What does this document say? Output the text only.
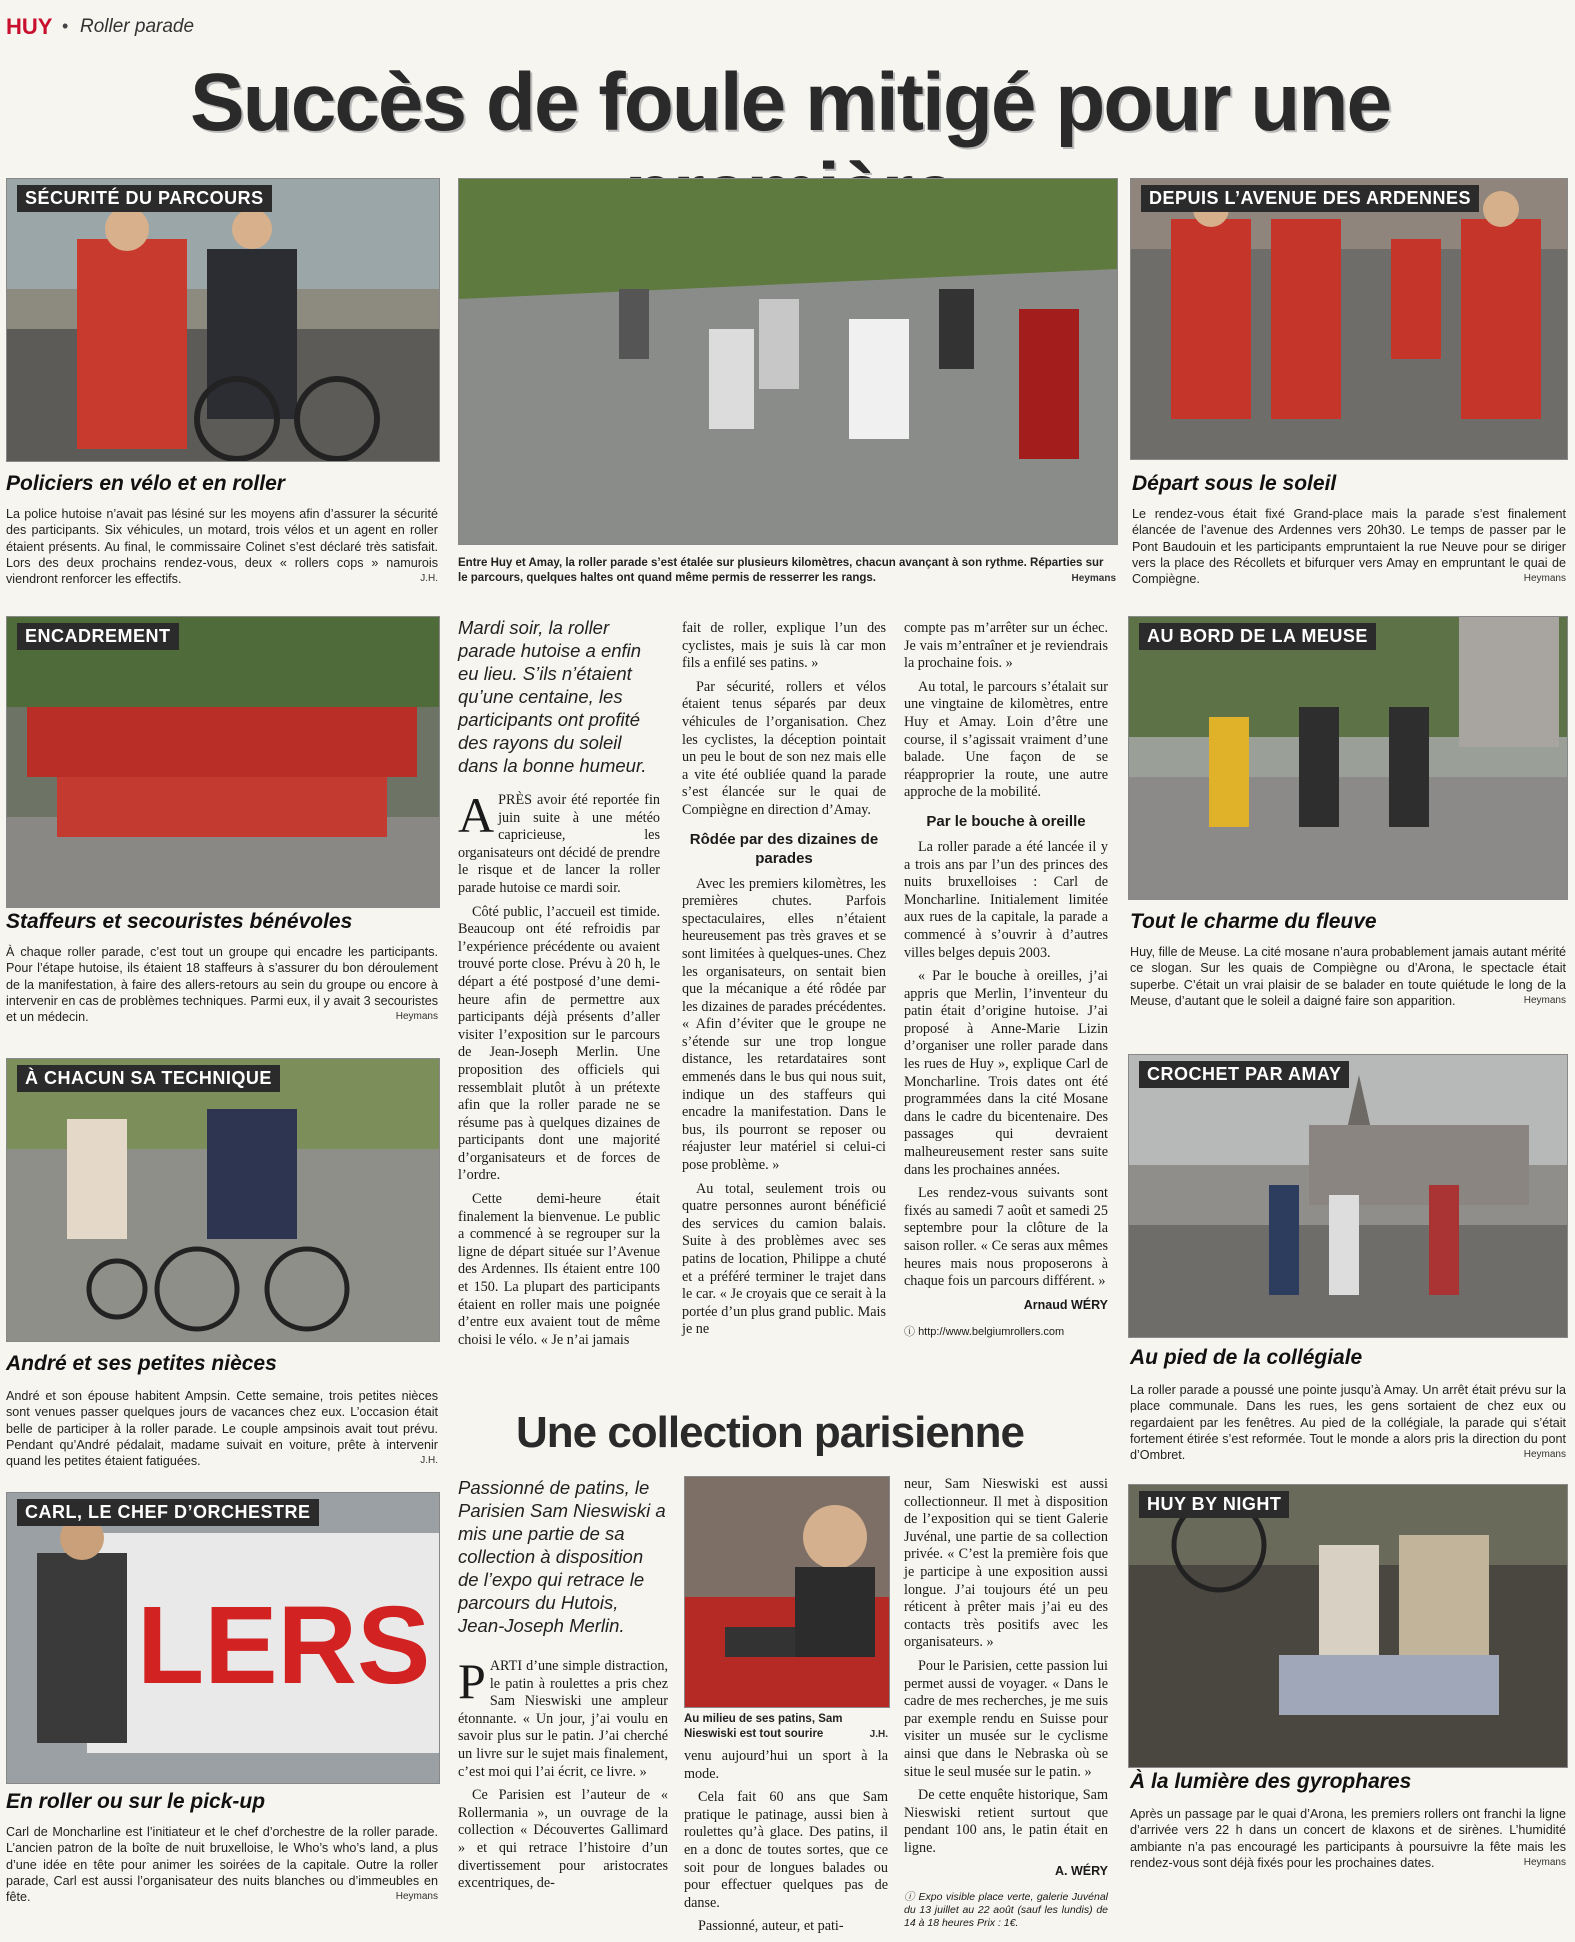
HUY • Roller parade
Succès de foule mitigé pour une
SÉCURITÉ DU PARCOURS
Policiers en vélo et en roller
La police hutoise n’avait pas lésiné sur les moyens afin d’assurer la sécurité des participants. Six véhicules, un motard, trois vélos et un agent en roller étaient présents. Au final, le commissaire Colinet s’est déclaré très satisfait. Lors des deux prochains rendez-vous, deux « rollers cops » namurois viendront renforcer les effectifs.	J.H.
Entre Huy et Amay, la roller parade s’est étalée sur plusieurs kilomètres, chacun avançant à son rythme. Réparties sur le parcours, quelques haltes ont quand même permis de resserrer les rangs.	Heymans
DEPUIS L’AVENUE DES ARDENNES
Départ sous le soleil
Le rendez-vous était fixé Grand-place mais la parade s’est finalement élancée de l’avenue des Ardennes vers 20h30. Le temps de passer par le Pont Baudouin et les participants empruntaient la rue Neuve pour se diriger vers la place des Récollets et bifurquer vers Amay en empruntant le quai de Compiègne.	Heymans
ENCADREMENT
Staffeurs et secouristes bénévoles
À chaque roller parade, c’est tout un groupe qui encadre les participants. Pour l’étape hutoise, ils étaient 18 staffeurs à s’assurer du bon déroulement de la manifestation, à faire des allers-retours au sein du groupe ou encore à intervenir en cas de problèmes techniques. Parmi eux, il y avait 3 secouristes et un médecin.	Heymans
À CHACUN SA TECHNIQUE
André et ses petites nièces
André et son épouse habitent Ampsin. Cette semaine, trois petites nièces sont venues passer quelques jours de vacances chez eux. L’occasion était belle de participer à la roller parade. Le couple ampsinois avait tout prévu. Pendant qu’André pédalait, madame suivait en voiture, prête à intervenir quand les petites étaient fatiguées.	J.H.
LERS
CARL, LE CHEF D’ORCHESTRE
En roller ou sur le pick-up
Carl de Moncharline est l’initiateur et le chef d’orchestre de la roller parade. L’ancien patron de la boîte de nuit bruxelloise, le Who’s who’s land, a plus d’une idée en tête pour animer les soirées de la capitale. Outre la roller parade, Carl est aussi l’organisateur des nuits blanches ou d’immeubles en fête.	Heymans
Mardi soir, la roller parade hutoise a enfin eu lieu. S’ils n’étaient qu’une centaine, les participants ont profité des rayons du soleil dans la bonne humeur.

APRÈS avoir été reportée fin juin suite à une météo capricieuse, les organisateurs ont décidé de prendre le risque et de lancer la roller parade hutoise ce mardi soir.

Côté public, l’accueil est timide. Beaucoup ont été refroidis par l’expérience précédente ou avaient trouvé porte close. Prévu à 20 h, le départ a été postposé d’une demi-heure afin de permettre aux participants déjà présents d’aller visiter l’exposition sur le parcours de Jean-Joseph Merlin. Une proposition des officiels qui ressemblait plutôt à un prétexte afin que la roller parade ne se résume pas à quelques dizaines de participants dont une majorité d’organisateurs et de forces de l’ordre.

Cette demi-heure était finalement la bienvenue. Le public a commencé à se regrouper sur la ligne de départ située sur l’Avenue des Ardennes. Ils étaient entre 100 et 150. La plupart des participants étaient en roller mais une poignée d’entre eux avaient tout de même choisi le vélo. « Je n’ai jamais

fait de roller, explique l’un des cyclistes, mais je suis là car mon fils a enfilé ses patins. »

Par sécurité, rollers et vélos étaient tenus séparés par deux véhicules de l’organisation. Chez les cyclistes, la déception pointait un peu le bout de son nez mais elle a vite été oubliée quand la parade s’est élancée sur le quai de Compiègne en direction d’Amay.

Rôdée par des dizaines de parades

Avec les premiers kilomètres, les premières chutes. Parfois spectaculaires, elles n’étaient heureusement pas très graves et se sont limitées à quelques-unes. Chez les organisateurs, on sentait bien que la mécanique a été rôdée par les dizaines de parades précédentes. « Afin d’éviter que le groupe ne s’étende sur une trop longue distance, les retardataires sont emmenés dans le bus qui nous suit, indique un des staffeurs qui encadre la manifestation. Dans le bus, ils pourront se reposer ou réajuster leur matériel si celui-ci pose problème. »

Au total, seulement trois ou quatre personnes auront bénéficié des services du camion balais. Suite à des problèmes avec ses patins de location, Philippe a chuté et a préféré terminer le trajet dans le car. « Je croyais que ce serait à la portée d’un plus grand public. Mais je ne

compte pas m’arrêter sur un échec. Je vais m’entraîner et je reviendrais la prochaine fois. »

Au total, le parcours s’étalait sur une vingtaine de kilomètres, entre Huy et Amay. Loin d’être une course, il s’agissait vraiment d’une balade. Une façon de se réapproprier la route, une autre approche de la mobilité.

Par le bouche à oreille

La roller parade a été lancée il y a trois ans par l’un des princes des nuits bruxelloises : Carl de Moncharline. Initialement limitée aux rues de la capitale, la parade a commencé à s’ouvrir à d’autres villes belges depuis 2003.

« Par le bouche à oreilles, j’ai appris que Merlin, l’inventeur du patin était d’origine hutoise. J’ai proposé à Anne-Marie Lizin d’organiser une roller parade dans les rues de Huy », explique Carl de Moncharline. Trois dates ont été programmées dans la cité Mosane dans le cadre du bicentenaire. Des passages qui devraient malheureusement rester sans suite dans les prochaines années.

Les rendez-vous suivants sont fixés au samedi 7 août et samedi 25 septembre pour la clôture de la saison roller. « Ce seras aux mêmes heures mais nous proposerons à chaque fois un parcours différent. »

Arnaud WÉRY
ⓘ http://www.belgiumrollers.com
AU BORD DE LA MEUSE
Tout le charme du fleuve
Huy, fille de Meuse. La cité mosane n’aura probablement jamais autant mérité ce slogan. Sur les quais de Compiègne ou d’Arona, le spectacle était superbe. C’était un vrai plaisir de se balader en toute quiétude le long de la Meuse, d’autant que le soleil a daigné faire son apparition.	Heymans
CROCHET PAR AMAY
Au pied de la collégiale
La roller parade a poussé une pointe jusqu’à Amay. Un arrêt était prévu sur la place communale. Dans les rues, les gens sortaient de chez eux ou regardaient par les fenêtres. Au pied de la collégiale, la parade qui s’était fortement étirée s’est reformée. Tout le monde a alors pris la direction du pont d’Ombret.	Heymans
Une collection parisienne
Passionné de patins, le Parisien Sam Nieswiski a mis une partie de sa collection à disposition de l’expo qui retrace le parcours du Hutois, Jean-Joseph Merlin.

PARTI d’une simple distraction, le patin à roulettes a pris chez Sam Nieswiski une ampleur étonnante. « Un jour, j’ai voulu en savoir plus sur le patin. J’ai cherché un livre sur le sujet mais finalement, c’est moi qui l’ai écrit, ce livre. »

Ce Parisien est l’auteur de « Rollermania », un ouvrage de la collection « Découvertes Gallimard » et qui retrace l’histoire d’un divertissement pour aristocrates excentriques, de-

Au milieu de ses patins, Sam Nieswiski est tout sourire	J.H.

venu aujourd’hui un sport à la mode.

Cela fait 60 ans que Sam pratique le patinage, aussi bien à roulettes qu’à glace. Des patins, il en a donc de toutes sortes, que ce soit pour de longues balades ou pour effectuer quelques pas de danse.

Passionné, auteur, et pati-

neur, Sam Nieswiski est aussi collectionneur. Il met à disposition de l’exposition qui se tient Galerie Juvénal, une partie de sa collection privée. « C’est la première fois que je participe à une exposition aussi longue. J’ai toujours été un peu réticent à prêter mais j’ai eu des contacts très positifs avec les organisateurs. »

Pour le Parisien, cette passion lui permet aussi de voyager. « Dans le cadre de mes recherches, je me suis par exemple rendu en Suisse pour visiter un musée sur le cyclisme ainsi que dans le Nebraska où se situe le seul musée sur le patin. »

De cette enquête historique, Sam Nieswiski retient surtout que pendant 100 ans, le patin était en ligne.

A. WÉRY
ⓘ Expo visible place verte, galerie Juvénal du 13 juillet au 22 août (sauf les lundis) de 14 à 18 heures Prix : 1€.
HUY BY NIGHT
À la lumière des gyrophares
Après un passage par le quai d’Arona, les premiers rollers ont franchi la ligne d’arrivée vers 22 h dans un concert de klaxons et de sirènes. L’humidité ambiante n’a pas encouragé les participants à poursuivre la fête mais les rendez-vous sont déjà fixés pour les prochaines dates.	Heymans
